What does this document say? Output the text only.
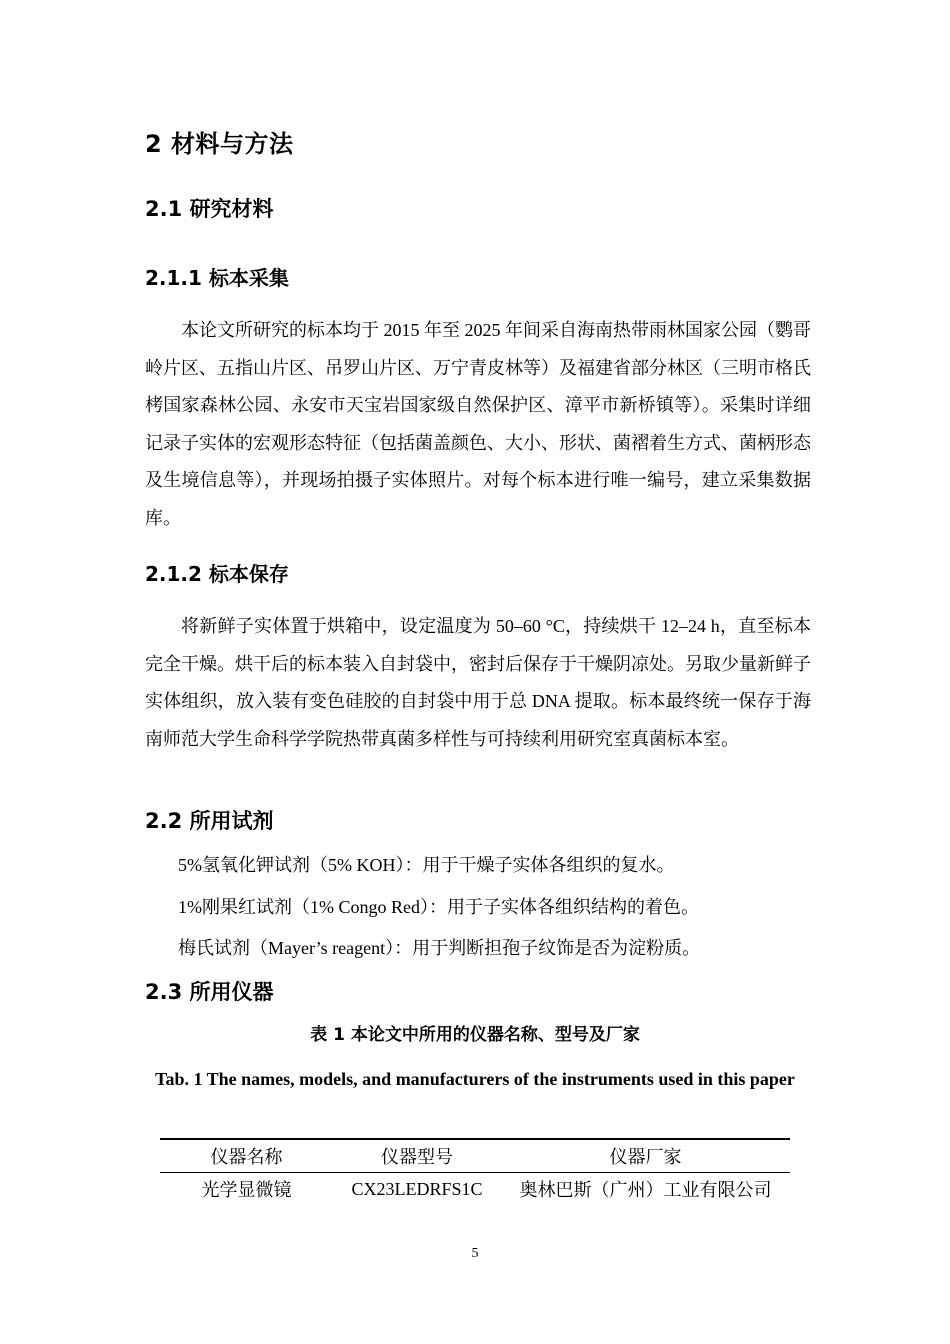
2 材料与方法
2.1 研究材料
2.1.1 标本采集

本论文所研究的标本均于 2015 年至 2025 年间采自海南热带雨林国家公园（鹦哥岭片区、五指山片区、吊罗山片区、万宁青皮林等）及福建省部分林区（三明市格氏栲国家森林公园、永安市天宝岩国家级自然保护区、漳平市新桥镇等）。采集时详细记录子实体的宏观形态特征（包括菌盖颜色、大小、形状、菌褶着生方式、菌柄形态及生境信息等），并现场拍摄子实体照片。对每个标本进行唯一编号，建立采集数据库。

2.1.2 标本保存

将新鲜子实体置于烘箱中，设定温度为 50–60 °C，持续烘干 12–24 h，直至标本完全干燥。烘干后的标本装入自封袋中，密封后保存于干燥阴凉处。另取少量新鲜子实体组织，放入装有变色硅胶的自封袋中用于总 DNA 提取。标本最终统一保存于海南师范大学生命科学学院热带真菌多样性与可持续利用研究室真菌标本室。

2.2 所用试剂
5%氢氧化钾试剂（5% KOH）：用于干燥子实体各组织的复水。
1%刚果红试剂（1% Congo Red）：用于子实体各组织结构的着色。
梅氏试剂（Mayer’s reagent）：用于判断担孢子纹饰是否为淀粉质。
2.3 所用仪器
表 1 本论文中所用的仪器名称、型号及厂家
Tab. 1 The names, models, and manufacturers of the instruments used in this paper
仪器名称	仪器型号	仪器厂家
光学显微镜	CX23LEDRFS1C	奥林巴斯（广州）工业有限公司
5
